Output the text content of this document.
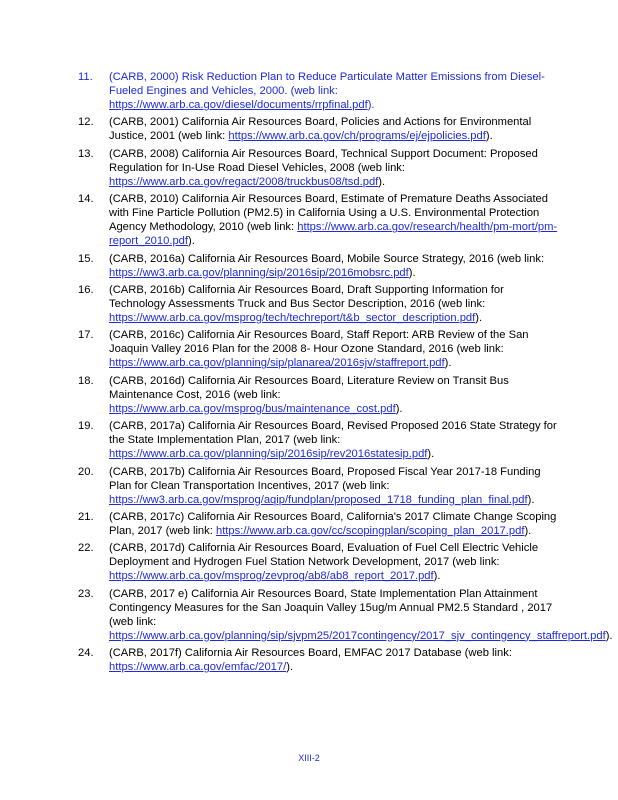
11.	(CARB, 2000) Risk Reduction Plan to Reduce Particulate Matter Emissions from Diesel-Fueled Engines and Vehicles, 2000. (web link: https://www.arb.ca.gov/diesel/documents/rrpfinal.pdf).
12.	(CARB, 2001) California Air Resources Board, Policies and Actions for Environmental Justice, 2001 (web link: https://www.arb.ca.gov/ch/programs/ej/ejpolicies.pdf).
13.	(CARB, 2008) California Air Resources Board, Technical Support Document: Proposed Regulation for In-Use Road Diesel Vehicles, 2008 (web link: https://www.arb.ca.gov/regact/2008/truckbus08/tsd.pdf).
14.	(CARB, 2010) California Air Resources Board, Estimate of Premature Deaths Associated with Fine Particle Pollution (PM2.5) in California Using a U.S. Environmental Protection Agency Methodology, 2010 (web link: https://www.arb.ca.gov/research/health/pm-mort/pm-report_2010.pdf).
15.	(CARB, 2016a) California Air Resources Board, Mobile Source Strategy, 2016 (web link: https://ww3.arb.ca.gov/planning/sip/2016sip/2016mobsrc.pdf).
16.	(CARB, 2016b) California Air Resources Board, Draft Supporting Information for Technology Assessments Truck and Bus Sector Description, 2016 (web link: https://www.arb.ca.gov/msprog/tech/techreport/t&b_sector_description.pdf).
17.	(CARB, 2016c) California Air Resources Board, Staff Report: ARB Review of the San Joaquin Valley 2016 Plan for the 2008 8- Hour Ozone Standard, 2016 (web link: https://www.arb.ca.gov/planning/sip/planarea/2016sjv/staffreport.pdf).
18.	(CARB, 2016d) California Air Resources Board, Literature Review on Transit Bus Maintenance Cost, 2016 (web link: https://www.arb.ca.gov/msprog/bus/maintenance_cost.pdf).
19.	(CARB, 2017a) California Air Resources Board, Revised Proposed 2016 State Strategy for the State Implementation Plan, 2017 (web link: https://www.arb.ca.gov/planning/sip/2016sip/rev2016statesip.pdf).
20.	(CARB, 2017b) California Air Resources Board, Proposed Fiscal Year 2017-18 Funding Plan for Clean Transportation Incentives, 2017 (web link: https://ww3.arb.ca.gov/msprog/aqip/fundplan/proposed_1718_funding_plan_final.pdf).
21.	(CARB, 2017c) California Air Resources Board, California's 2017 Climate Change Scoping Plan, 2017 (web link: https://www.arb.ca.gov/cc/scopingplan/scoping_plan_2017.pdf).
22.	(CARB, 2017d) California Air Resources Board, Evaluation of Fuel Cell Electric Vehicle Deployment and Hydrogen Fuel Station Network Development, 2017 (web link: https://www.arb.ca.gov/msprog/zevprog/ab8/ab8_report_2017.pdf).
23.	(CARB, 2017 e) California Air Resources Board, State Implementation Plan Attainment Contingency Measures for the San Joaquin Valley 15ug/m Annual PM2.5 Standard , 2017 (web link: https://www.arb.ca.gov/planning/sip/sjvpm25/2017contingency/2017_sjv_contingency_staffreport.pdf).
24.	(CARB, 2017f) California Air Resources Board, EMFAC 2017 Database (web link: https://www.arb.ca.gov/emfac/2017/).
XIII-2
